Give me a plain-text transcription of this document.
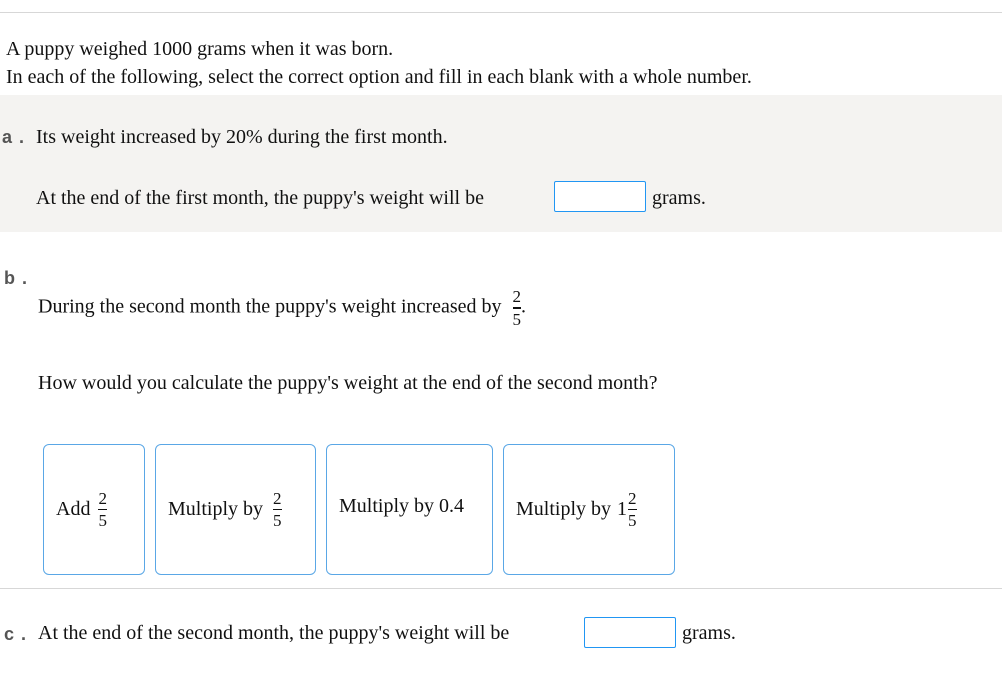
A puppy weighed 1000 grams when it was born.
In each of the following, select the correct option and fill in each blank with a whole number.
a . Its weight increased by 20% during the first month.
At the end of the first month, the puppy's weight will be	grams.
b .
During the second month the puppy's weight increased by $\frac{2}{5}$ .
How would you calculate the puppy's weight at the end of the second month?
Add $\frac{2}{5}$	Multiply by $\frac{2}{5}$	Multiply by 0.4	Multiply by $1 \frac{2}{5}$
c . At the end of the second month, the puppy's weight will be	grams.
